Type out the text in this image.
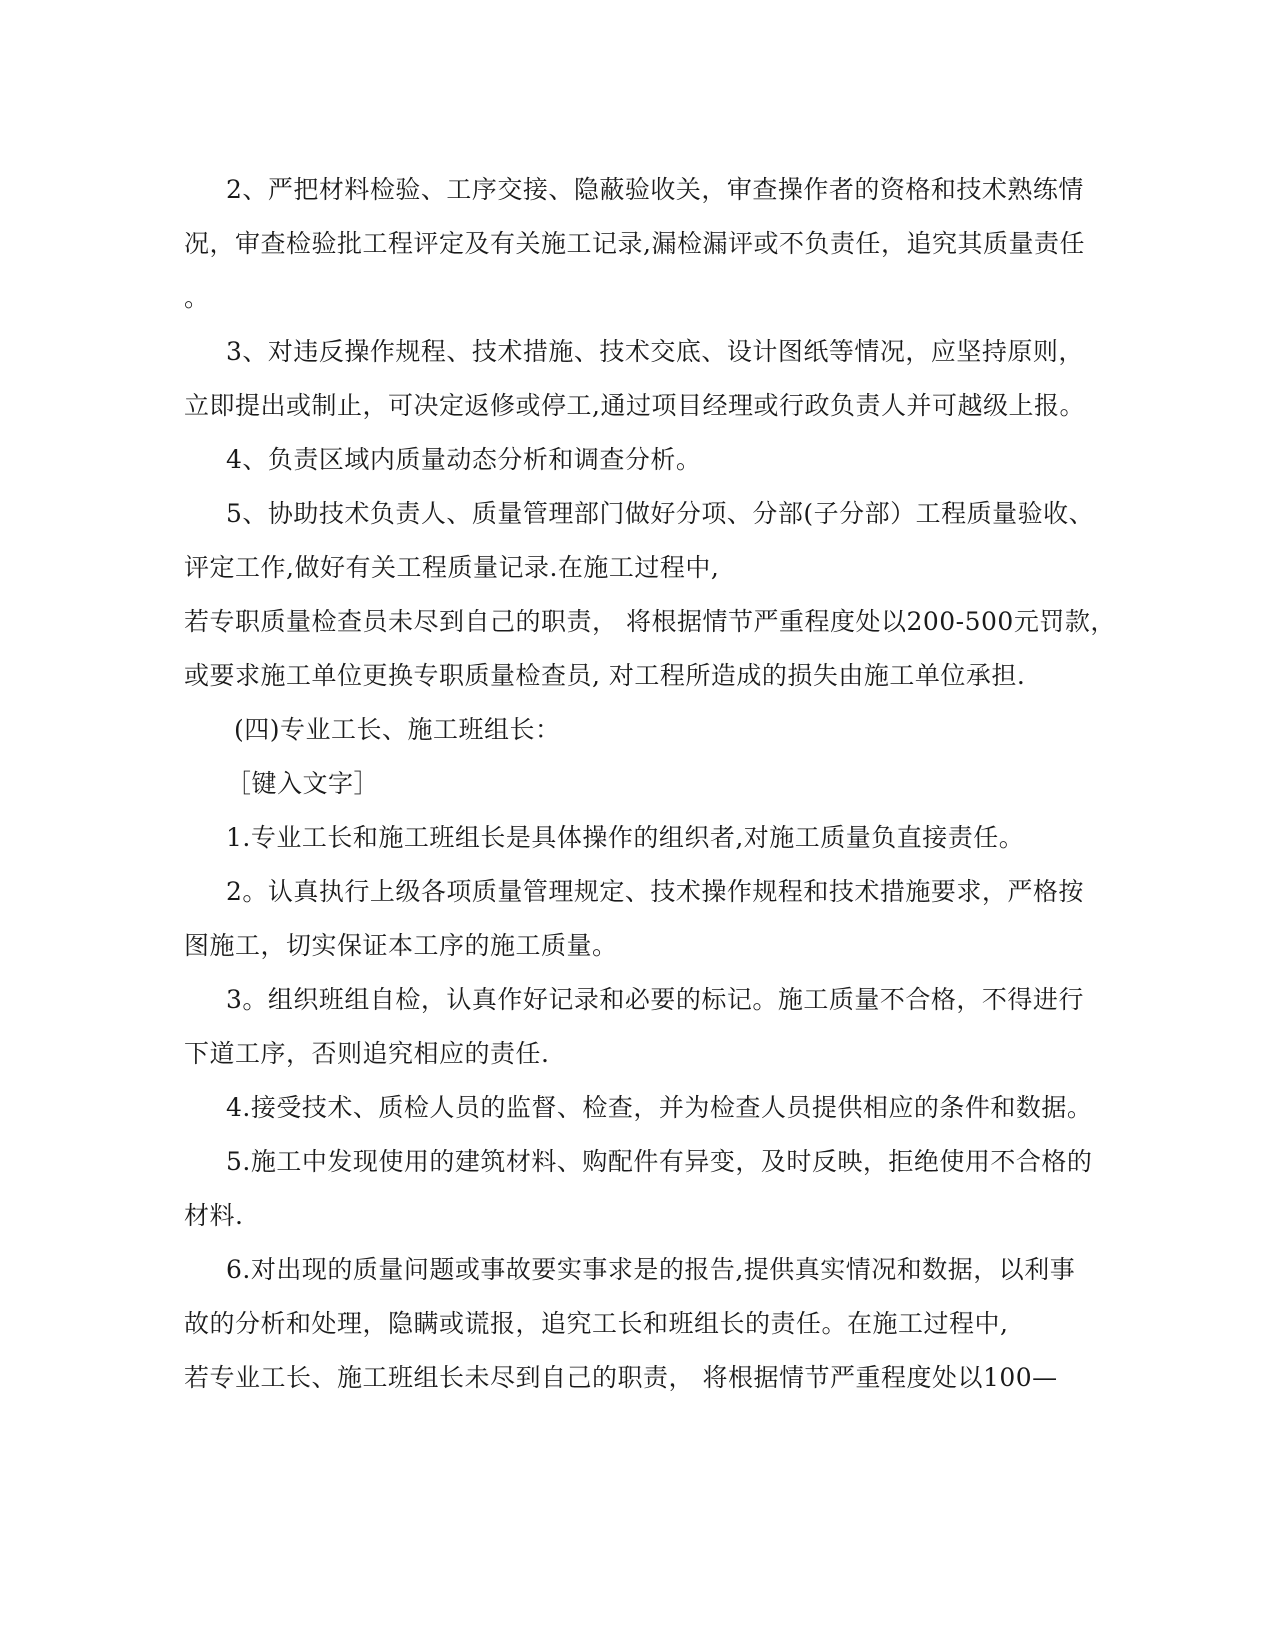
2、严把材料检验、工序交接、隐蔽验收关，审查操作者的资格和技术熟练情
况，审查检验批工程评定及有关施工记录,漏检漏评或不负责任，追究其质量责任
。
3、对违反操作规程、技术措施、技术交底、设计图纸等情况，应坚持原则，
立即提出或制止，可决定返修或停工,通过项目经理或行政负责人并可越级上报。
4、负责区域内质量动态分析和调查分析。
5、协助技术负责人、质量管理部门做好分项、分部(子分部）工程质量验收、
评定工作,做好有关工程质量记录.在施工过程中,
若专职质量检查员未尽到自己的职责， 将根据情节严重程度处以200-500元罚款，
或要求施工单位更换专职质量检查员, 对工程所造成的损失由施工单位承担.
(四)专业工长、施工班组长：
［键入文字］
1.专业工长和施工班组长是具体操作的组织者,对施工质量负直接责任。
2。认真执行上级各项质量管理规定、技术操作规程和技术措施要求，严格按
图施工，切实保证本工序的施工质量。
3。组织班组自检，认真作好记录和必要的标记。施工质量不合格，不得进行
下道工序，否则追究相应的责任.
4.接受技术、质检人员的监督、检查，并为检查人员提供相应的条件和数据。
5.施工中发现使用的建筑材料、购配件有异变，及时反映，拒绝使用不合格的
材料.
6.对出现的质量问题或事故要实事求是的报告,提供真实情况和数据，以利事
故的分析和处理，隐瞒或谎报，追究工长和班组长的责任。在施工过程中,
若专业工长、施工班组长未尽到自己的职责， 将根据情节严重程度处以100—
